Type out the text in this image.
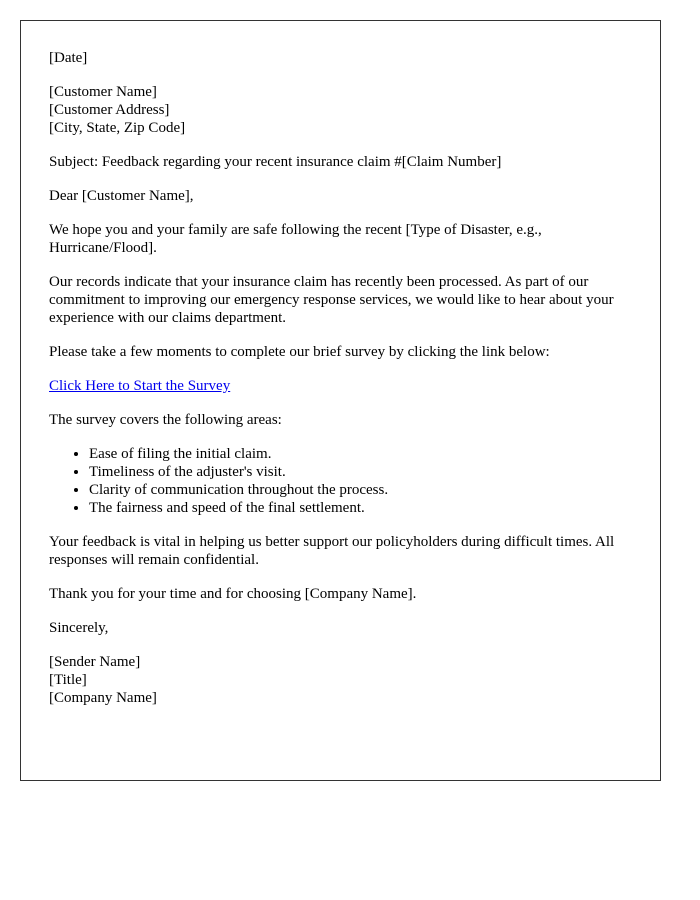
[Date]
[Customer Name]
[Customer Address]
[City, State, Zip Code]

Subject: Feedback regarding your recent insurance claim #[Claim Number]

Dear [Customer Name],

We hope you and your family are safe following the recent [Type of Disaster, e.g., Hurricane/Flood].

Our records indicate that your insurance claim has recently been processed. As part of our commitment to improving our emergency response services, we would like to hear about your experience with our claims department.

Please take a few moments to complete our brief survey by clicking the link below:

Click Here to Start the Survey

The survey covers the following areas:

• Ease of filing the initial claim.
• Timeliness of the adjuster's visit.
• Clarity of communication throughout the process.
• The fairness and speed of the final settlement.

Your feedback is vital in helping us better support our policyholders during difficult times. All responses will remain confidential.

Thank you for your time and for choosing [Company Name].

Sincerely,

[Sender Name]
[Title]
[Company Name]
